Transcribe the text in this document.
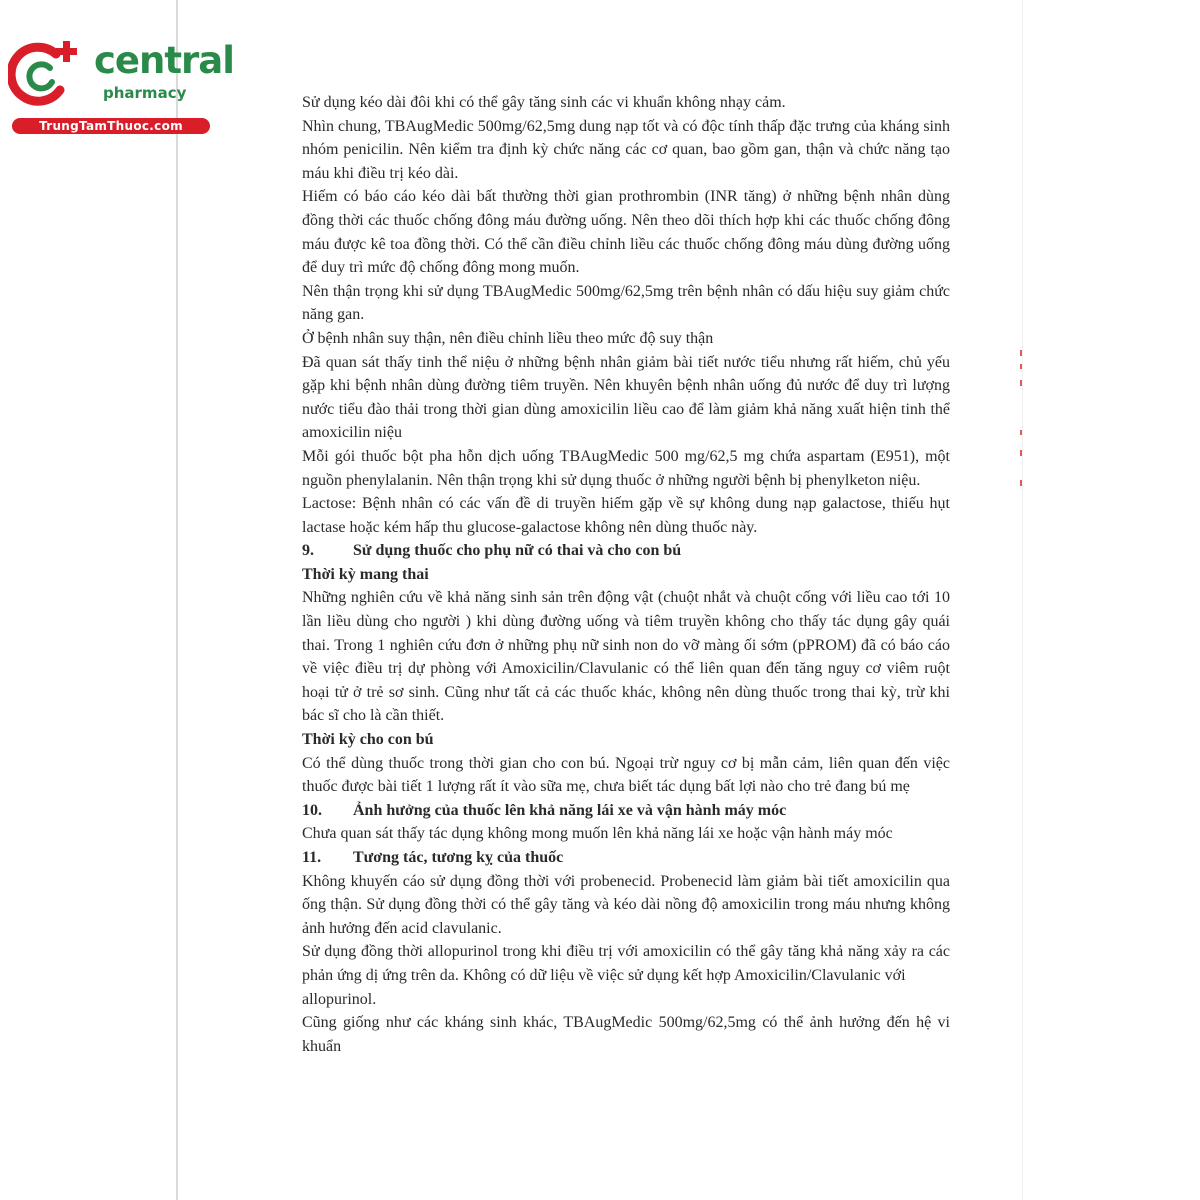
central
pharmacy
TrungTamThuoc.com

Sử dụng kéo dài đôi khi có thể gây tăng sinh các vi khuẩn không nhạy cảm.

Nhìn chung, TBAugMedic 500mg/62,5mg dung nạp tốt và có độc tính thấp đặc trưng của kháng sinh nhóm penicilin. Nên kiểm tra định kỳ chức năng các cơ quan, bao gồm gan, thận và chức năng tạo máu khi điều trị kéo dài.

Hiếm có báo cáo kéo dài bất thường thời gian prothrombin (INR tăng) ở những bệnh nhân dùng đồng thời các thuốc chống đông máu đường uống. Nên theo dõi thích hợp khi các thuốc chống đông máu được kê toa đồng thời. Có thể cần điều chỉnh liều các thuốc chống đông máu dùng đường uống để duy trì mức độ chống đông mong muốn.

Nên thận trọng khi sử dụng TBAugMedic 500mg/62,5mg trên bệnh nhân có dấu hiệu suy giảm chức năng gan.

Ở bệnh nhân suy thận, nên điều chỉnh liều theo mức độ suy thận

Đã quan sát thấy tinh thể niệu ở những bệnh nhân giảm bài tiết nước tiểu nhưng rất hiếm, chủ yếu gặp khi bệnh nhân dùng đường tiêm truyền. Nên khuyên bệnh nhân uống đủ nước để duy trì lượng nước tiểu đào thải trong thời gian dùng amoxicilin liều cao để làm giảm khả năng xuất hiện tinh thể amoxicilin niệu

Mỗi gói thuốc bột pha hỗn dịch uống TBAugMedic 500 mg/62,5 mg chứa aspartam (E951), một nguồn phenylalanin. Nên thận trọng khi sử dụng thuốc ở những người bệnh bị phenylketon niệu.

Lactose: Bệnh nhân có các vấn đề di truyền hiếm gặp về sự không dung nạp galactose, thiếu hụt lactase hoặc kém hấp thu glucose-galactose không nên dùng thuốc này.

9. Sử dụng thuốc cho phụ nữ có thai và cho con bú
Thời kỳ mang thai

Những nghiên cứu về khả năng sinh sản trên động vật (chuột nhắt và chuột cống với liều cao tới 10 lần liều dùng cho người ) khi dùng đường uống và tiêm truyền không cho thấy tác dụng gây quái thai. Trong 1 nghiên cứu đơn ở những phụ nữ sinh non do vỡ màng ối sớm (pPROM) đã có báo cáo về việc điều trị dự phòng với Amoxicilin/Clavulanic có thể liên quan đến tăng nguy cơ viêm ruột hoại tử ở trẻ sơ sinh. Cũng như tất cả các thuốc khác, không nên dùng thuốc trong thai kỳ, trừ khi bác sĩ cho là cần thiết.

Thời kỳ cho con bú

Có thể dùng thuốc trong thời gian cho con bú. Ngoại trừ nguy cơ bị mẫn cảm, liên quan đến việc thuốc được bài tiết 1 lượng rất ít vào sữa mẹ, chưa biết tác dụng bất lợi nào cho trẻ đang bú mẹ

10. Ảnh hưởng của thuốc lên khả năng lái xe và vận hành máy móc

Chưa quan sát thấy tác dụng không mong muốn lên khả năng lái xe hoặc vận hành máy móc

11. Tương tác, tương kỵ của thuốc

Không khuyến cáo sử dụng đồng thời với probenecid. Probenecid làm giảm bài tiết amoxicilin qua ống thận. Sử dụng đồng thời có thể gây tăng và kéo dài nồng độ amoxicilin trong máu nhưng không ảnh hưởng đến acid clavulanic.

Sử dụng đồng thời allopurinol trong khi điều trị với amoxicilin có thể gây tăng khả năng xảy ra các phản ứng dị ứng trên da. Không có dữ liệu về việc sử dụng kết hợp Amoxicilin/Clavulanic với

allopurinol.

Cũng giống như các kháng sinh khác, TBAugMedic 500mg/62,5mg có thể ảnh hưởng đến hệ vi khuẩn
